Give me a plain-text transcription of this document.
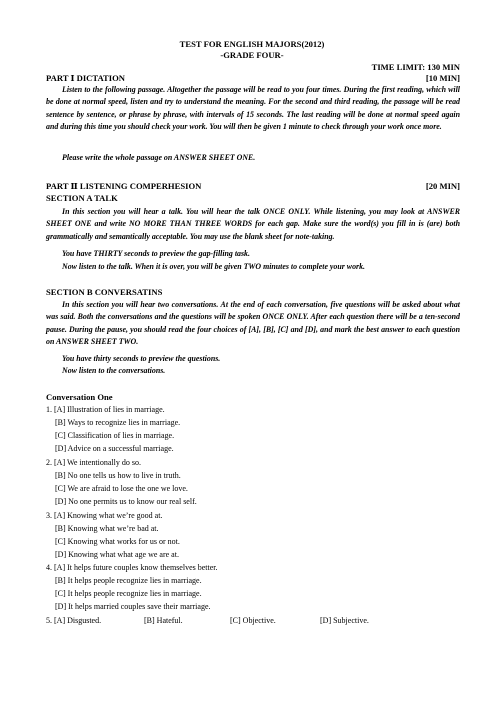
TEST FOR ENGLISH MAJORS(2012)
-GRADE FOUR-
TIME LIMIT: 130 MIN
PART Ⅰ DICTATION	[10 MIN]
Listen to the following passage. Altogether the passage will be read to you four times. During the first reading, which will be done at normal speed, listen and try to understand the meaning. For the second and third reading, the passage will be read sentence by sentence, or phrase by phrase, with intervals of 15 seconds. The last reading will be done at normal speed again and during this time you should check your work. You will then be given 1 minute to check through your work once more.
Please write the whole passage on ANSWER SHEET ONE.
PART Ⅱ LISTENING COMPERHESION	[20 MIN]
SECTION A TALK
In this section you will hear a talk. You will hear the talk ONCE ONLY. While listening, you may look at ANSWER SHEET ONE and write NO MORE THAN THREE WORDS for each gap. Make sure the word(s) you fill in is (are) both grammatically and semantically acceptable. You may use the blank sheet for note-taking.
You have THIRTY seconds to preview the gap-filling task.
Now listen to the talk. When it is over, you will be given TWO minutes to complete your work.
SECTION B CONVERSATINS
In this section you will hear two conversations. At the end of each conversation, five questions will be asked about what was said. Both the conversations and the questions will be spoken ONCE ONLY. After each question there will be a ten-second pause. During the pause, you should read the four choices of [A], [B], [C] and [D], and mark the best answer to each question on ANSWER SHEET TWO.
You have thirty seconds to preview the questions.
Now listen to the conversations.
Conversation One
1. [A] Illustration of lies in marriage.
[B] Ways to recognize lies in marriage.
[C] Classification of lies in marriage.
[D] Advice on a successful marriage.
2. [A] We intentionally do so.
[B] No one tells us how to live in truth.
[C] We are afraid to lose the one we love.
[D] No one permits us to know our real self.
3. [A] Knowing what we’re good at.
[B] Knowing what we’re bad at.
[C] Knowing what works for us or not.
[D] Knowing what what age we are at.
4. [A] It helps future couples know themselves better.
[B] It helps people recognize lies in marriage.
[C] It helps people recognize lies in marriage.
[D] It helps married couples save their marriage.
5. [A] Disgusted.	[B] Hateful.	[C] Objective.	[D] Subjective.
